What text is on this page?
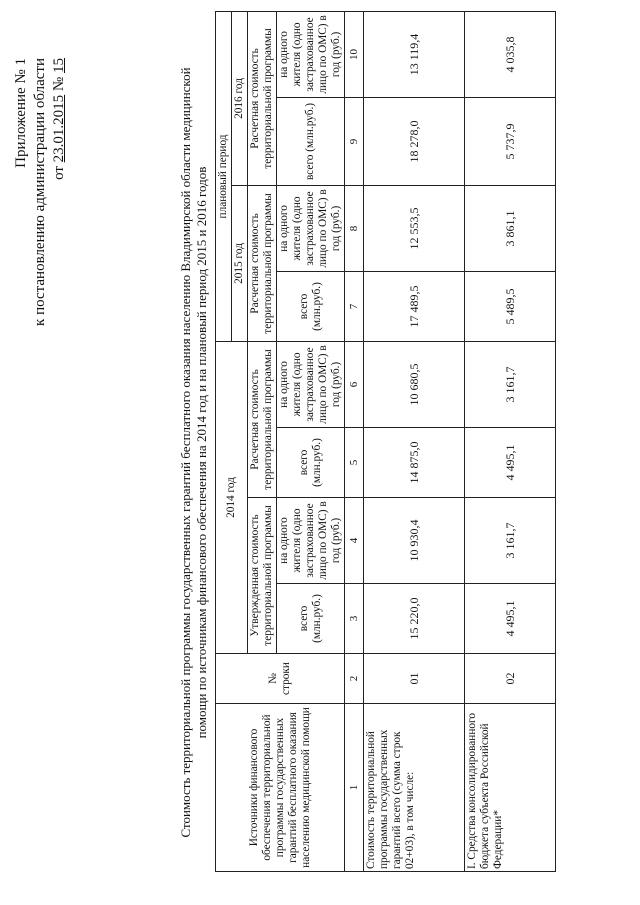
Приложение № 1 к постановлению администрации области от 23.01.2015 № 15
Стоимость территориальной программы государственных гарантий бесплатного оказания населению Владимирской области медицинской помощи по источникам финансового обеспечения на 2014 год и на плановый период 2015 и 2016 годов
Источники финансового обеспечения территориальной программы государственных гарантий бесплатного оказания населению медицинской помощи	№ строки	2014 год				плановый период			
						2015 год		2016 год	
		Утвержденная стоимость территориальной программы		Расчетная стоимость территориальной программы		Расчетная стоимость территориальной программы		Расчетная стоимость территориальной программы	
		всего (млн.руб.)	на одного жителя (одно застрахованное лицо по ОМС) в год (руб.)	всего (млн.руб.)	на одного жителя (одно застрахованное лицо по ОМС) в год (руб.)	всего (млн.руб.)	на одного жителя (одно застрахованное лицо по ОМС) в год (руб.)	всего (млн.руб.)	на одного жителя (одно застрахованное лицо по ОМС) в год (руб.)
1	2	3	4	5	6	7	8	9	10
Стоимость территориальной программы государственных гарантий всего (сумма строк 02+03), в том числе:	01	15 220,0	10 930,4	14 875,0	10 680,5	17 489,5	12 553,5	18 278,0	13 119,4
I. Средства консолидированного бюджета субъекта Российской Федерации*	02	4 495,1	3 161,7	4 495,1	3 161,7	5 489,5	3 861,1	5 737,9	4 035,8
